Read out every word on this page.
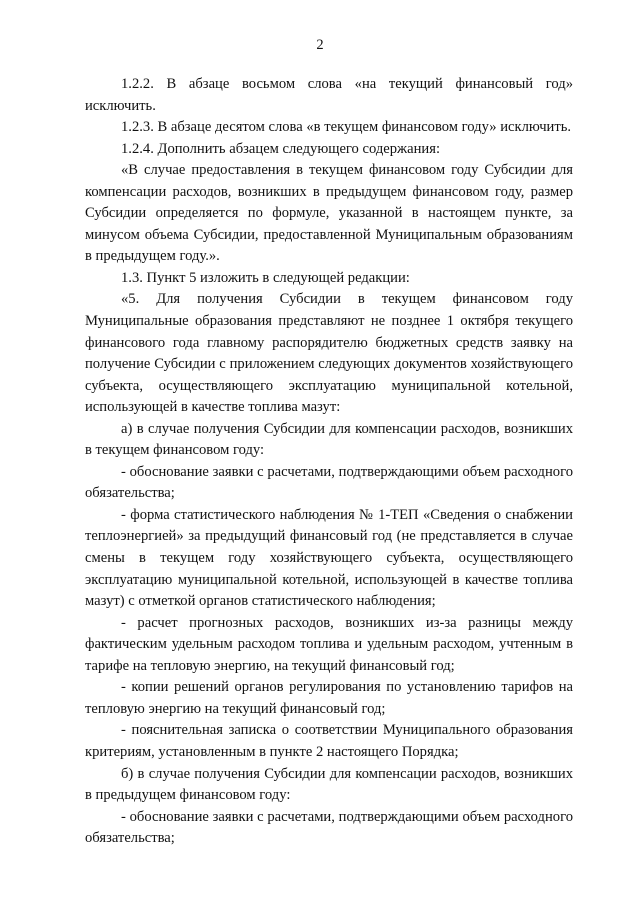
2

1.2.2. В абзаце восьмом слова «на текущий финансовый год» исключить.

1.2.3. В абзаце десятом слова «в текущем финансовом году» исключить.

1.2.4. Дополнить абзацем следующего содержания:

«В случае предоставления в текущем финансовом году Субсидии для компенсации расходов, возникших в предыдущем финансовом году, размер Субсидии определяется по формуле, указанной в настоящем пункте, за минусом объема Субсидии, предоставленной Муниципальным образованиям в предыдущем году.».

1.3. Пункт 5 изложить в следующей редакции:

«5. Для получения Субсидии в текущем финансовом году Муниципальные образования представляют не позднее 1 октября текущего финансового года главному распорядителю бюджетных средств заявку на получение Субсидии с приложением следующих документов хозяйствующего субъекта, осуществляющего эксплуатацию муниципальной котельной, использующей в качестве топлива мазут:

а) в случае получения Субсидии для компенсации расходов, возникших в текущем финансовом году:

- обоснование заявки с расчетами, подтверждающими объем расходного обязательства;

- форма статистического наблюдения № 1-ТЕП «Сведения о снабжении теплоэнергией» за предыдущий финансовый год (не представляется в случае смены в текущем году хозяйствующего субъекта, осуществляющего эксплуатацию муниципальной котельной, использующей в качестве топлива мазут) с отметкой органов статистического наблюдения;

- расчет прогнозных расходов, возникших из-за разницы между фактическим удельным расходом топлива и удельным расходом, учтенным в тарифе на тепловую энергию, на текущий финансовый год;

- копии решений органов регулирования по установлению тарифов на тепловую энергию на текущий финансовый год;

- пояснительная записка о соответствии Муниципального образования критериям, установленным в пункте 2 настоящего Порядка;

б) в случае получения Субсидии для компенсации расходов, возникших в предыдущем финансовом году:

- обоснование заявки с расчетами, подтверждающими объем расходного обязательства;
